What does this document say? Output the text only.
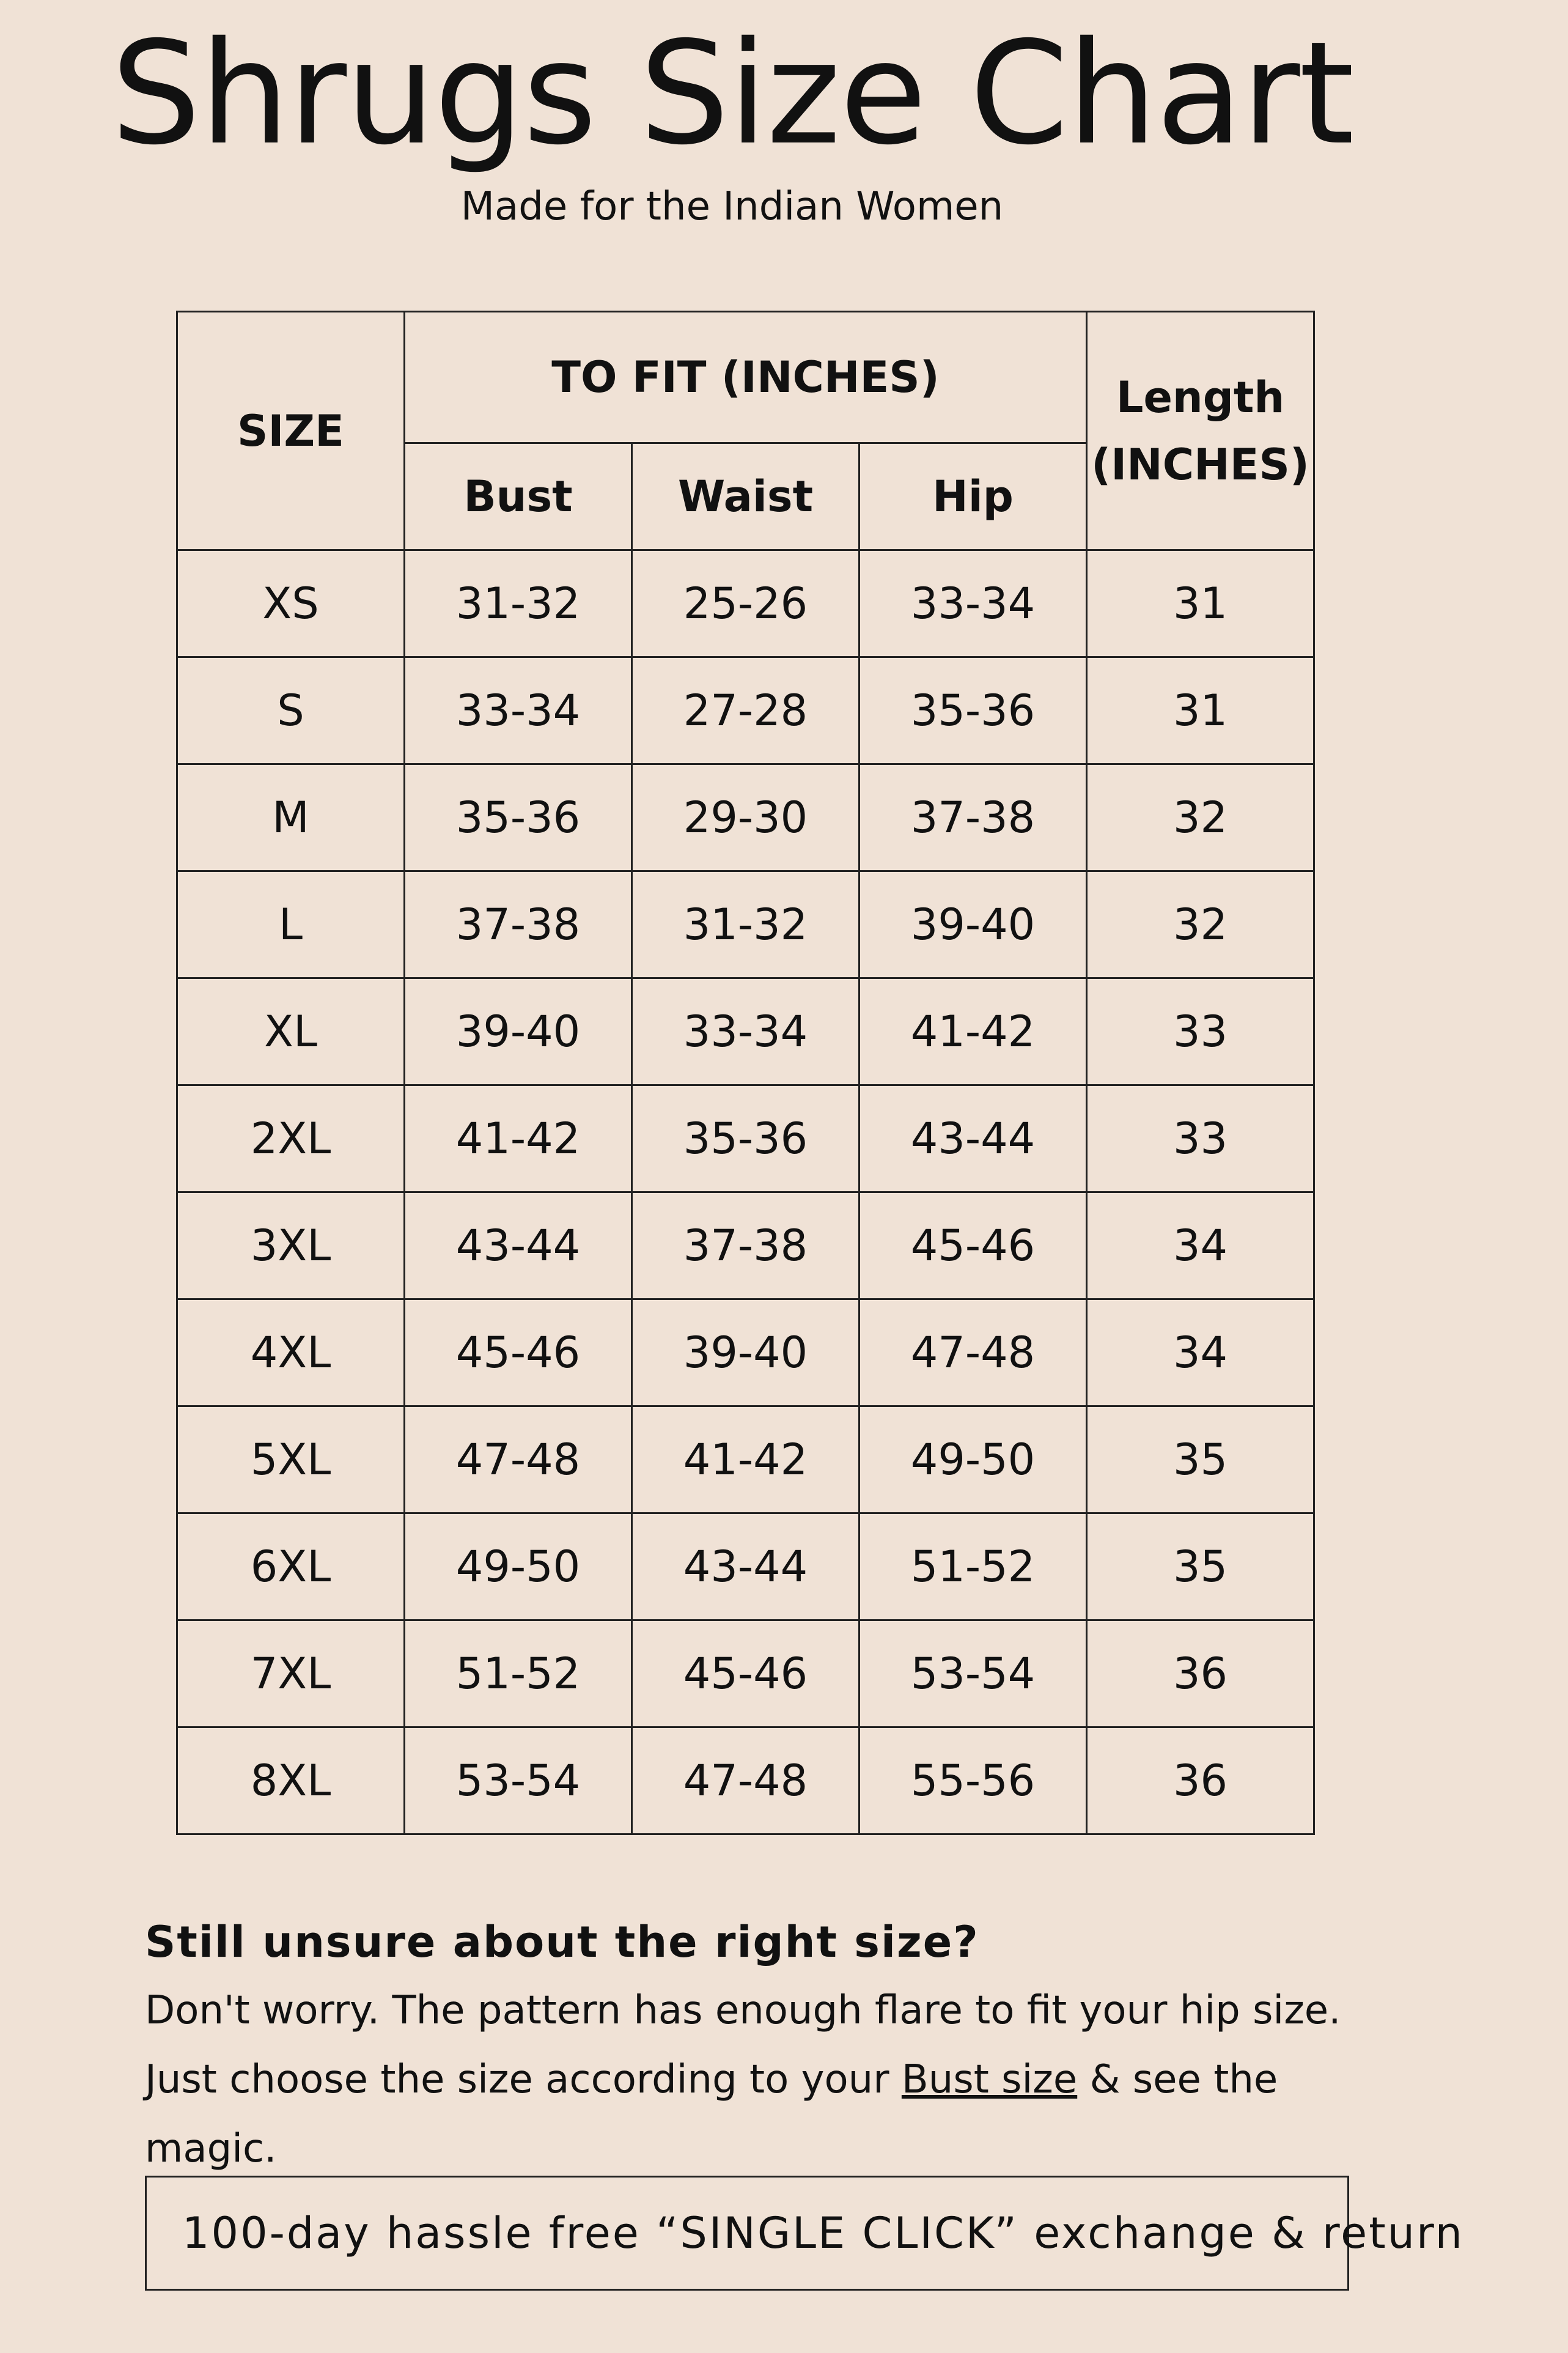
Shrugs Size Chart
Made for the Indian Women
SIZE	TO FIT (INCHES)			Length
(INCHES)
	Bust	Waist	Hip	
XS	31-32	25-26	33-34	31
S	33-34	27-28	35-36	31
M	35-36	29-30	37-38	32
L	37-38	31-32	39-40	32
XL	39-40	33-34	41-42	33
2XL	41-42	35-36	43-44	33
3XL	43-44	37-38	45-46	34
4XL	45-46	39-40	47-48	34
5XL	47-48	41-42	49-50	35
6XL	49-50	43-44	51-52	35
7XL	51-52	45-46	53-54	36
8XL	53-54	47-48	55-56	36
Still unsure about the right size?
Don't worry. The pattern has enough flare to fit your hip size.
Just choose the size according to your Bust size & see the
magic.
100-day hassle free “SINGLE CLICK” exchange & return
